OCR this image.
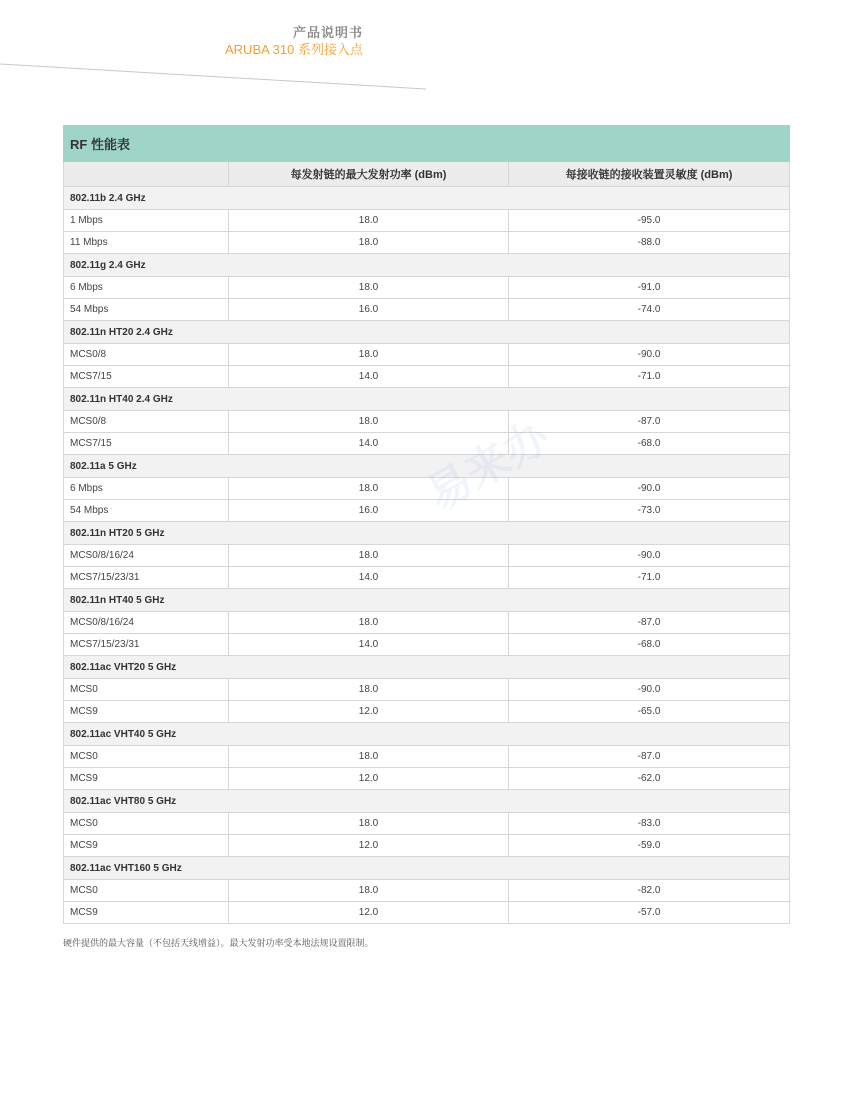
产品说明书
ARUBA 310 系列接入点
RF 性能表		
	每发射链的最大发射功率 (dBm)	每接收链的接收装置灵敏度 (dBm)
802.11b 2.4 GHz		
1 Mbps	18.0	-95.0
11 Mbps	18.0	-88.0
802.11g 2.4 GHz		
6 Mbps	18.0	-91.0
54 Mbps	16.0	-74.0
802.11n HT20 2.4 GHz		
MCS0/8	18.0	-90.0
MCS7/15	14.0	-71.0
802.11n HT40 2.4 GHz		
MCS0/8	18.0	-87.0
MCS7/15	14.0	-68.0
802.11a 5 GHz		
6 Mbps	18.0	-90.0
54 Mbps	16.0	-73.0
802.11n HT20 5 GHz		
MCS0/8/16/24	18.0	-90.0
MCS7/15/23/31	14.0	-71.0
802.11n HT40 5 GHz		
MCS0/8/16/24	18.0	-87.0
MCS7/15/23/31	14.0	-68.0
802.11ac VHT20 5 GHz		
MCS0	18.0	-90.0
MCS9	12.0	-65.0
802.11ac VHT40 5 GHz		
MCS0	18.0	-87.0
MCS9	12.0	-62.0
802.11ac VHT80 5 GHz		
MCS0	18.0	-83.0
MCS9	12.0	-59.0
802.11ac VHT160 5 GHz		
MCS0	18.0	-82.0
MCS9	12.0	-57.0
易来办
硬件提供的最大容量（不包括天线增益）。最大发射功率受本地法规设置限制。
